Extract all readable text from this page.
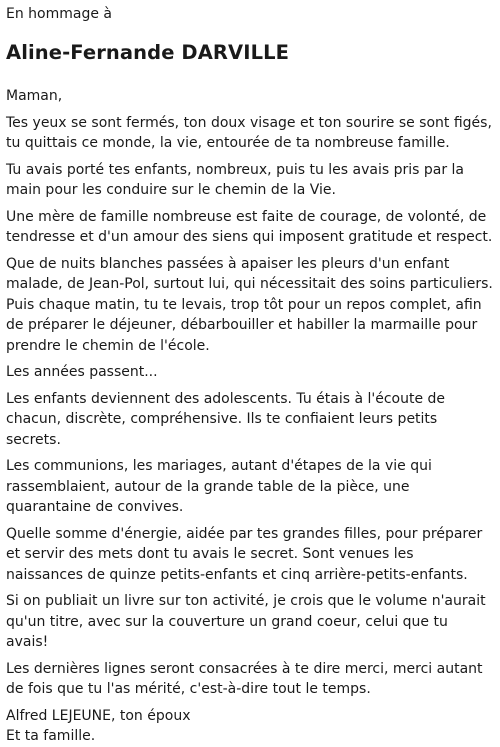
En hommage à

Aline-Fernande DARVILLE

Maman,

Tes yeux se sont fermés, ton doux visage et ton sourire se sont figés, tu quittais ce monde, la vie, entourée de ta nombreuse famille.

Tu avais porté tes enfants, nombreux, puis tu les avais pris par la main pour les conduire sur le chemin de la Vie.

Une mère de famille nombreuse est faite de courage, de volonté, de tendresse et d'un amour des siens qui imposent gratitude et respect.

Que de nuits blanches passées à apaiser les pleurs d'un enfant malade, de Jean-Pol, surtout lui, qui nécessitait des soins particuliers. Puis chaque matin, tu te levais, trop tôt pour un repos complet, afin de préparer le déjeuner, débarbouiller et habiller la marmaille pour prendre le chemin de l'école.

Les années passent...

Les enfants deviennent des adolescents. Tu étais à l'écoute de chacun, discrète, compréhensive. Ils te confiaient leurs petits secrets.

Les communions, les mariages, autant d'étapes de la vie qui rassemblaient, autour de la grande table de la pièce, une quarantaine de convives.

Quelle somme d'énergie, aidée par tes grandes filles, pour préparer et servir des mets dont tu avais le secret. Sont venues les naissances de quinze petits-enfants et cinq arrière-petits-enfants.

Si on publiait un livre sur ton activité, je crois que le volume n'aurait qu'un titre, avec sur la couverture un grand coeur, celui que tu avais!

Les dernières lignes seront consacrées à te dire merci, merci autant de fois que tu l'as mérité, c'est-à-dire tout le temps.

Alfred LEJEUNE, ton époux

Et ta famille.
